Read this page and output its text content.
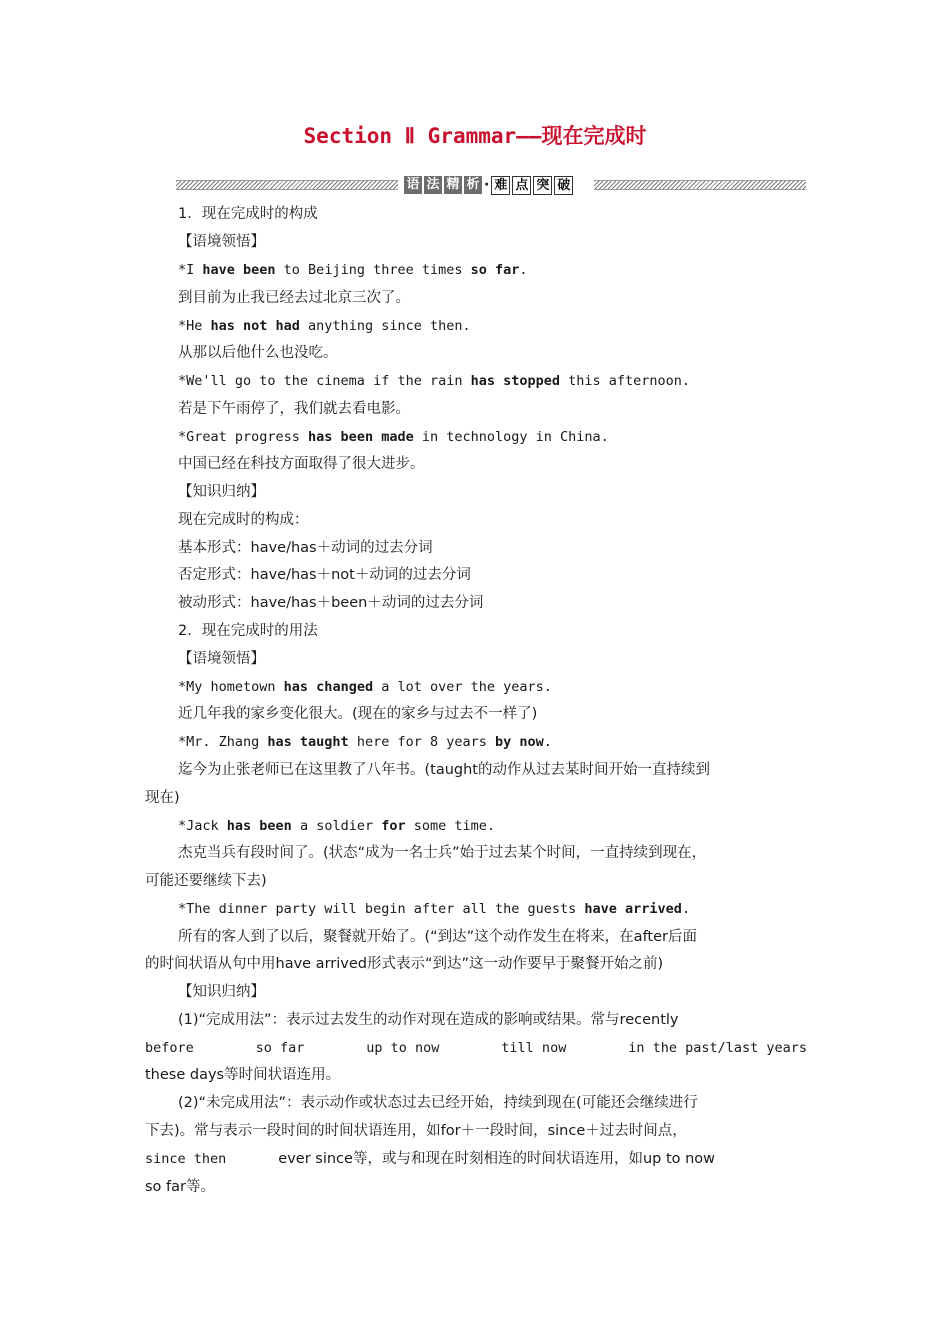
Section Ⅱ Grammar——现在完成时
语 法 精 析 · 难 点 突 破
1．现在完成时的构成
【语境领悟】
*I have been to Beijing three times so far.
到目前为止我已经去过北京三次了。
*He has not had anything since then.
从那以后他什么也没吃。
*We'll go to the cinema if the rain has stopped this afternoon.
若是下午雨停了，我们就去看电影。
*Great progress has been made in technology in China.
中国已经在科技方面取得了很大进步。
【知识归纳】
现在完成时的构成：
基本形式：have/has＋动词的过去分词
否定形式：have/has＋not＋动词的过去分词
被动形式：have/has＋been＋动词的过去分词
2．现在完成时的用法
【语境领悟】
*My hometown has changed a lot over the years.
近几年我的家乡变化很大。(现在的家乡与过去不一样了)
*Mr. Zhang has taught here for 8 years by now.
迄今为止张老师已在这里教了八年书。(taught的动作从过去某时间开始一直持续到
现在)
*Jack has been a soldier for some time.
杰克当兵有段时间了。(状态“成为一名士兵”始于过去某个时间，一直持续到现在，
可能还要继续下去)
*The dinner party will begin after all the guests have arrived.
所有的客人到了以后，聚餐就开始了。(“到达”这个动作发生在将来，在after后面
的时间状语从句中用have arrived形式表示“到达”这一动作要早于聚餐开始之前)
【知识归纳】
(1)“完成用法”：表示过去发生的动作对现在造成的影响或结果。常与recently
before	so far	up to now	till now	in the past/last years
these days等时间状语连用。
(2)“未完成用法”：表示动作或状态过去已经开始，持续到现在(可能还会继续进行
下去)。常与表示一段时间的时间状语连用，如for＋一段时间，since＋过去时间点，
since then	ever since等，或与和现在时刻相连的时间状语连用，如up to now
so far等。
